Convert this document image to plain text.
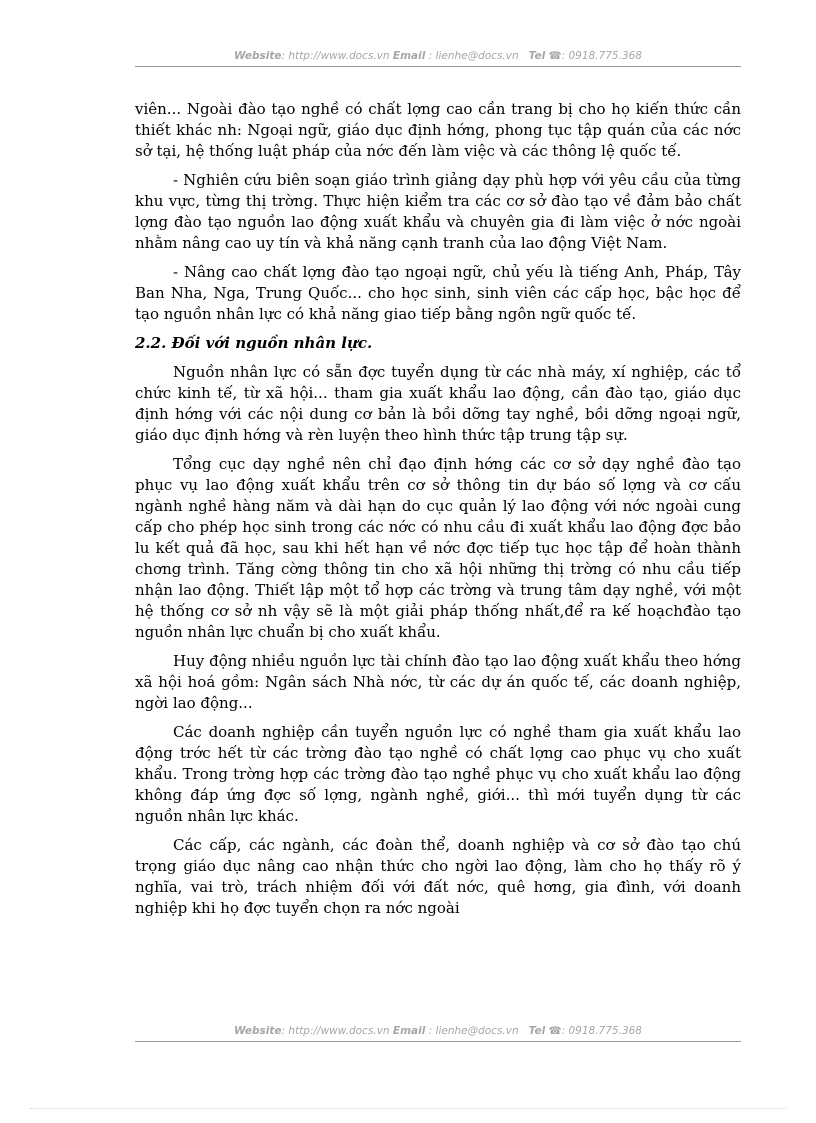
Website: http://www.docs.vn Email : lienhe@docs.vn Tel ☎: 0918.775.368

viên... Ngoài đào tạo nghề có chất lợng cao cần trang bị cho họ kiến thức cần thiết khác nh: Ngoại ngữ, giáo dục định hớng, phong tục tập quán của các nớc sở tại, hệ thống luật pháp của nớc đến làm việc và các thông lệ quốc tế.

- Nghiên cứu biên soạn giáo trình giảng dạy phù hợp với yêu cầu của từng khu vực, từng thị trờng. Thực hiện kiểm tra các cơ sở đào tạo về đảm bảo chất lợng đào tạo nguồn lao động xuất khẩu và chuyên gia đi làm việc ở nớc ngoài nhằm nâng cao uy tín và khả năng cạnh tranh của lao động Việt Nam.

- Nâng cao chất lợng đào tạo ngoại ngữ, chủ yếu là tiếng Anh, Pháp, Tây Ban Nha, Nga, Trung Quốc... cho học sinh, sinh viên các cấp học, bậc học để tạo nguồn nhân lực có khả năng giao tiếp bằng ngôn ngữ quốc tế.

2.2. Đối với nguồn nhân lực.

Nguồn nhân lực có sẵn đợc tuyển dụng từ các nhà máy, xí nghiệp, các tổ chức kinh tế, từ xã hội... tham gia xuất khẩu lao động, cần đào tạo, giáo dục định hớng với các nội dung cơ bản là bồi dỡng tay nghề, bồi dỡng ngoại ngữ, giáo dục định hớng và rèn luyện theo hình thức tập trung tập sự.

Tổng cục dạy nghề nên chỉ đạo định hớng các cơ sở dạy nghề đào tạo phục vụ lao động xuất khẩu trên cơ sở thông tin dự báo số lợng và cơ cấu ngành nghề hàng năm và dài hạn do cục quản lý lao động với nớc ngoài cung cấp cho phép học sinh trong các nớc có nhu cầu đi xuất khẩu lao động đợc bảo lu kết quả đã học, sau khi hết hạn về nớc đợc tiếp tục học tập để hoàn thành chơng trình. Tăng cờng thông tin cho xã hội những thị trờng có nhu cầu tiếp nhận lao động. Thiết lập một tổ hợp các trờng và trung tâm dạy nghề, với một hệ thống cơ sở nh vậy sẽ là một giải pháp thống nhất,để ra kế hoạchđào tạo nguồn nhân lực chuẩn bị cho xuất khẩu.

Huy động nhiều nguồn lực tài chính đào tạo lao động xuất khẩu theo hớng xã hội hoá gồm: Ngân sách Nhà nớc, từ các dự án quốc tế, các doanh nghiệp, ngời lao động...

Các doanh nghiệp cần tuyển nguồn lực có nghề tham gia xuất khẩu lao động trớc hết từ các trờng đào tạo nghề có chất lợng cao phục vụ cho xuất khẩu. Trong trờng hợp các trờng đào tạo nghề phục vụ cho xuất khẩu lao động không đáp ứng đợc số lợng, ngành nghề, giới... thì mới tuyển dụng từ các nguồn nhân lực khác.

Các cấp, các ngành, các đoàn thể, doanh nghiệp và cơ sở đào tạo chú trọng giáo dục nâng cao nhận thức cho ngời lao động, làm cho họ thấy rõ ý nghĩa, vai trò, trách nhiệm đối với đất nớc, quê hơng, gia đình, với doanh nghiệp khi họ đợc tuyển chọn ra nớc ngoài

Website: http://www.docs.vn Email : lienhe@docs.vn Tel ☎: 0918.775.368
